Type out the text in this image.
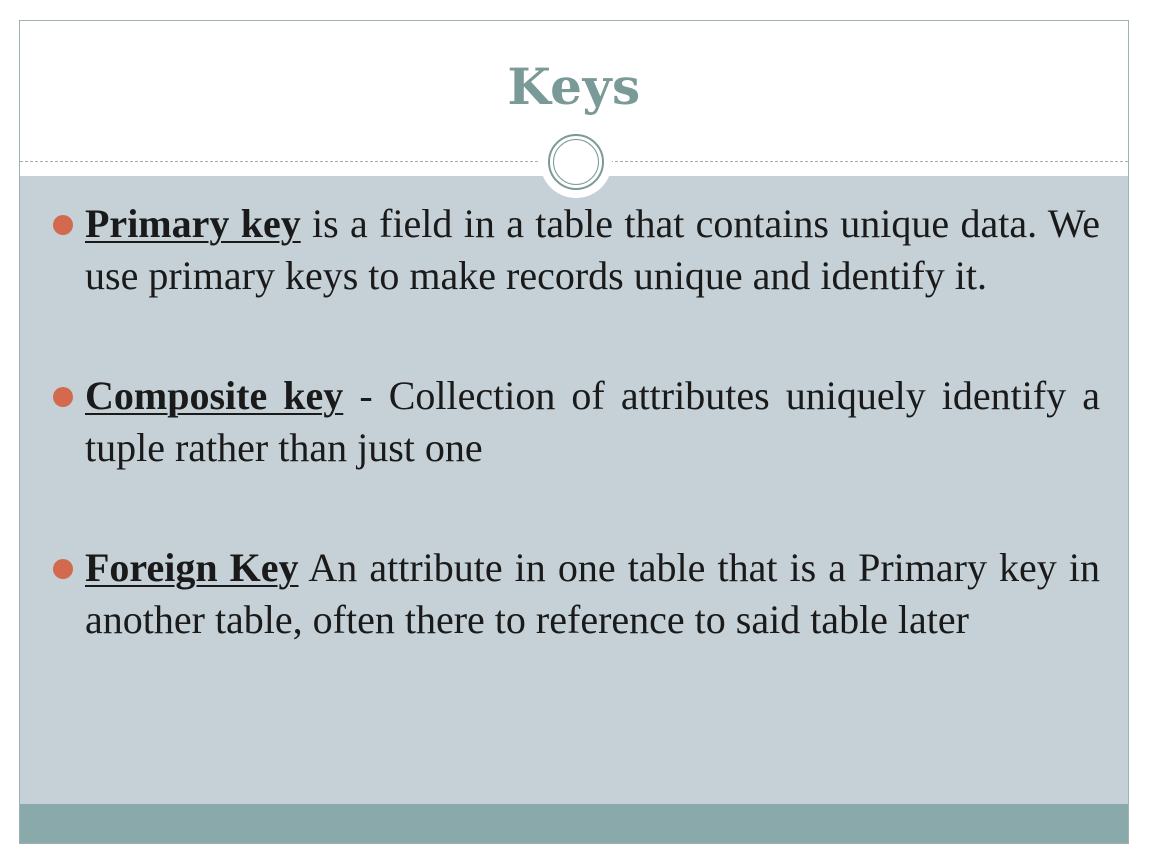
Keys
Primary key is a field in a table that contains unique data. We use primary keys to make records unique and identify it.
Composite key - Collection of attributes uniquely identify a tuple rather than just one
Foreign Key An attribute in one table that is a Primary key in another table, often there to reference to said table later
